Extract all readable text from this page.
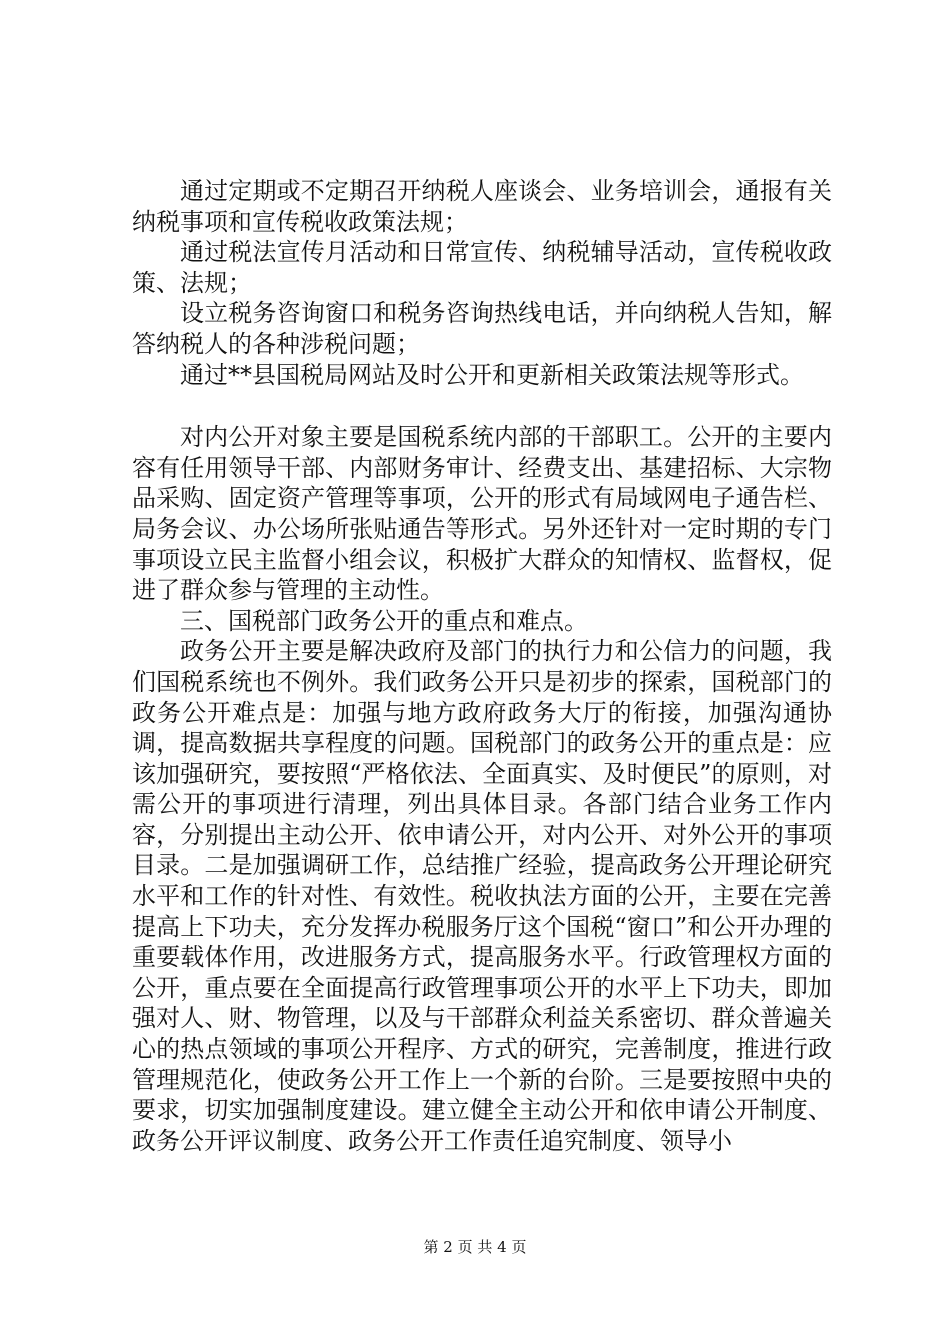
通过定期或不定期召开纳税人座谈会、业务培训会，通报有关纳税事项和宣传税收政策法规；

通过税法宣传月活动和日常宣传、纳税辅导活动，宣传税收政策、法规；

设立税务咨询窗口和税务咨询热线电话，并向纳税人告知，解答纳税人的各种涉税问题；

通过**县国税局网站及时公开和更新相关政策法规等形式。

对内公开对象主要是国税系统内部的干部职工。公开的主要内容有任用领导干部、内部财务审计、经费支出、基建招标、大宗物品采购、固定资产管理等事项，公开的形式有局域网电子通告栏、局务会议、办公场所张贴通告等形式。另外还针对一定时期的专门事项设立民主监督小组会议，积极扩大群众的知情权、监督权，促进了群众参与管理的主动性。

三、国税部门政务公开的重点和难点。

政务公开主要是解决政府及部门的执行力和公信力的问题，我们国税系统也不例外。我们政务公开只是初步的探索，国税部门的政务公开难点是：加强与地方政府政务大厅的衔接，加强沟通协调，提高数据共享程度的问题。国税部门的政务公开的重点是：应该加强研究，要按照“严格依法、全面真实、及时便民”的原则，对需公开的事项进行清理，列出具体目录。各部门结合业务工作内容，分别提出主动公开、依申请公开，对内公开、对外公开的事项目录。二是加强调研工作，总结推广经验，提高政务公开理论研究水平和工作的针对性、有效性。税收执法方面的公开，主要在完善提高上下功夫，充分发挥办税服务厅这个国税“窗口”和公开办理的重要载体作用，改进服务方式，提高服务水平。行政管理权方面的公开，重点要在全面提高行政管理事项公开的水平上下功夫，即加强对人、财、物管理，以及与干部群众利益关系密切、群众普遍关心的热点领域的事项公开程序、方式的研究，完善制度，推进行政管理规范化，使政务公开工作上一个新的台阶。三是要按照中央的要求，切实加强制度建设。建立健全主动公开和依申请公开制度、政务公开评议制度、政务公开工作责任追究制度、领导小

第 2 页 共 4 页
